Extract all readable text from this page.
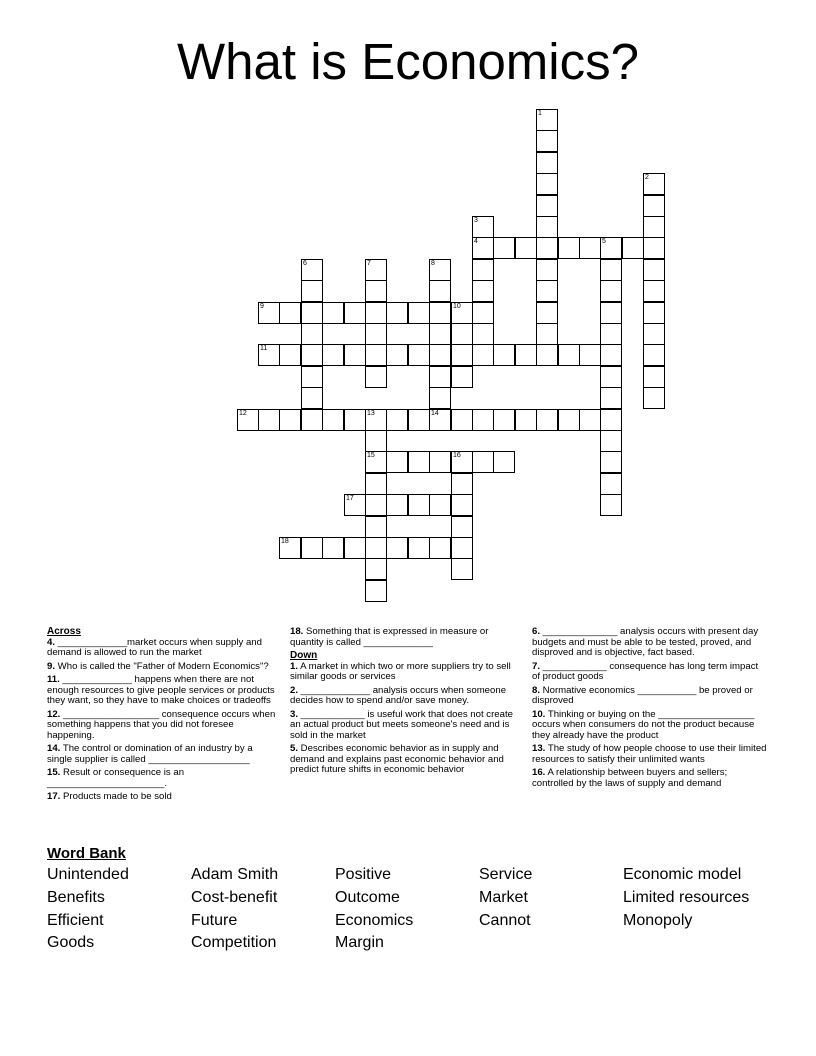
What is Economics?
1
2
3
4	5
6	7	8
9	10
11
12	13	14
15	16
17
18
Across
4. _____________market occurs when supply and demand is allowed to run the market
9. Who is called the "Father of Modern Economics"?
11. _____________ happens when there are not enough resources to give people services or products they want, so they have to make choices or tradeoffs
12. __________________ consequence occurs when something happens that you did not foresee happening.
14. The control or domination of an industry by a single supplier is called ___________________
15. Result or consequence is an ______________________.
17. Products made to be sold
18. Something that is expressed in measure or quantity is called _____________
Down
1. A market in which two or more suppliers try to sell similar goods or services
2. _____________ analysis occurs when someone decides how to spend and/or save money.
3. ____________ is useful work that does not create an actual product but meets someone's need and is sold in the market
5. Describes economic behavior as in supply and demand and explains past economic behavior and predict future shifts in economic behavior
6. ______________ analysis occurs with present day budgets and must be able to be tested, proved, and disproved and is objective, fact based.
7. ____________ consequence has long term impact of product goods
8. Normative economics ___________ be proved or disproved
10. Thinking or buying on the __________________ occurs when consumers do not the product because they already have the product
13. The study of how people choose to use their limited resources to satisfy their unlimited wants
16. A relationship between buyers and sellers; controlled by the laws of supply and demand
Word Bank
Unintended	Adam Smith	Positive	Service	Economic model
Benefits	Cost-benefit	Outcome	Market	Limited resources
Efficient	Future	Economics	Cannot	Monopoly
Goods	Competition	Margin
